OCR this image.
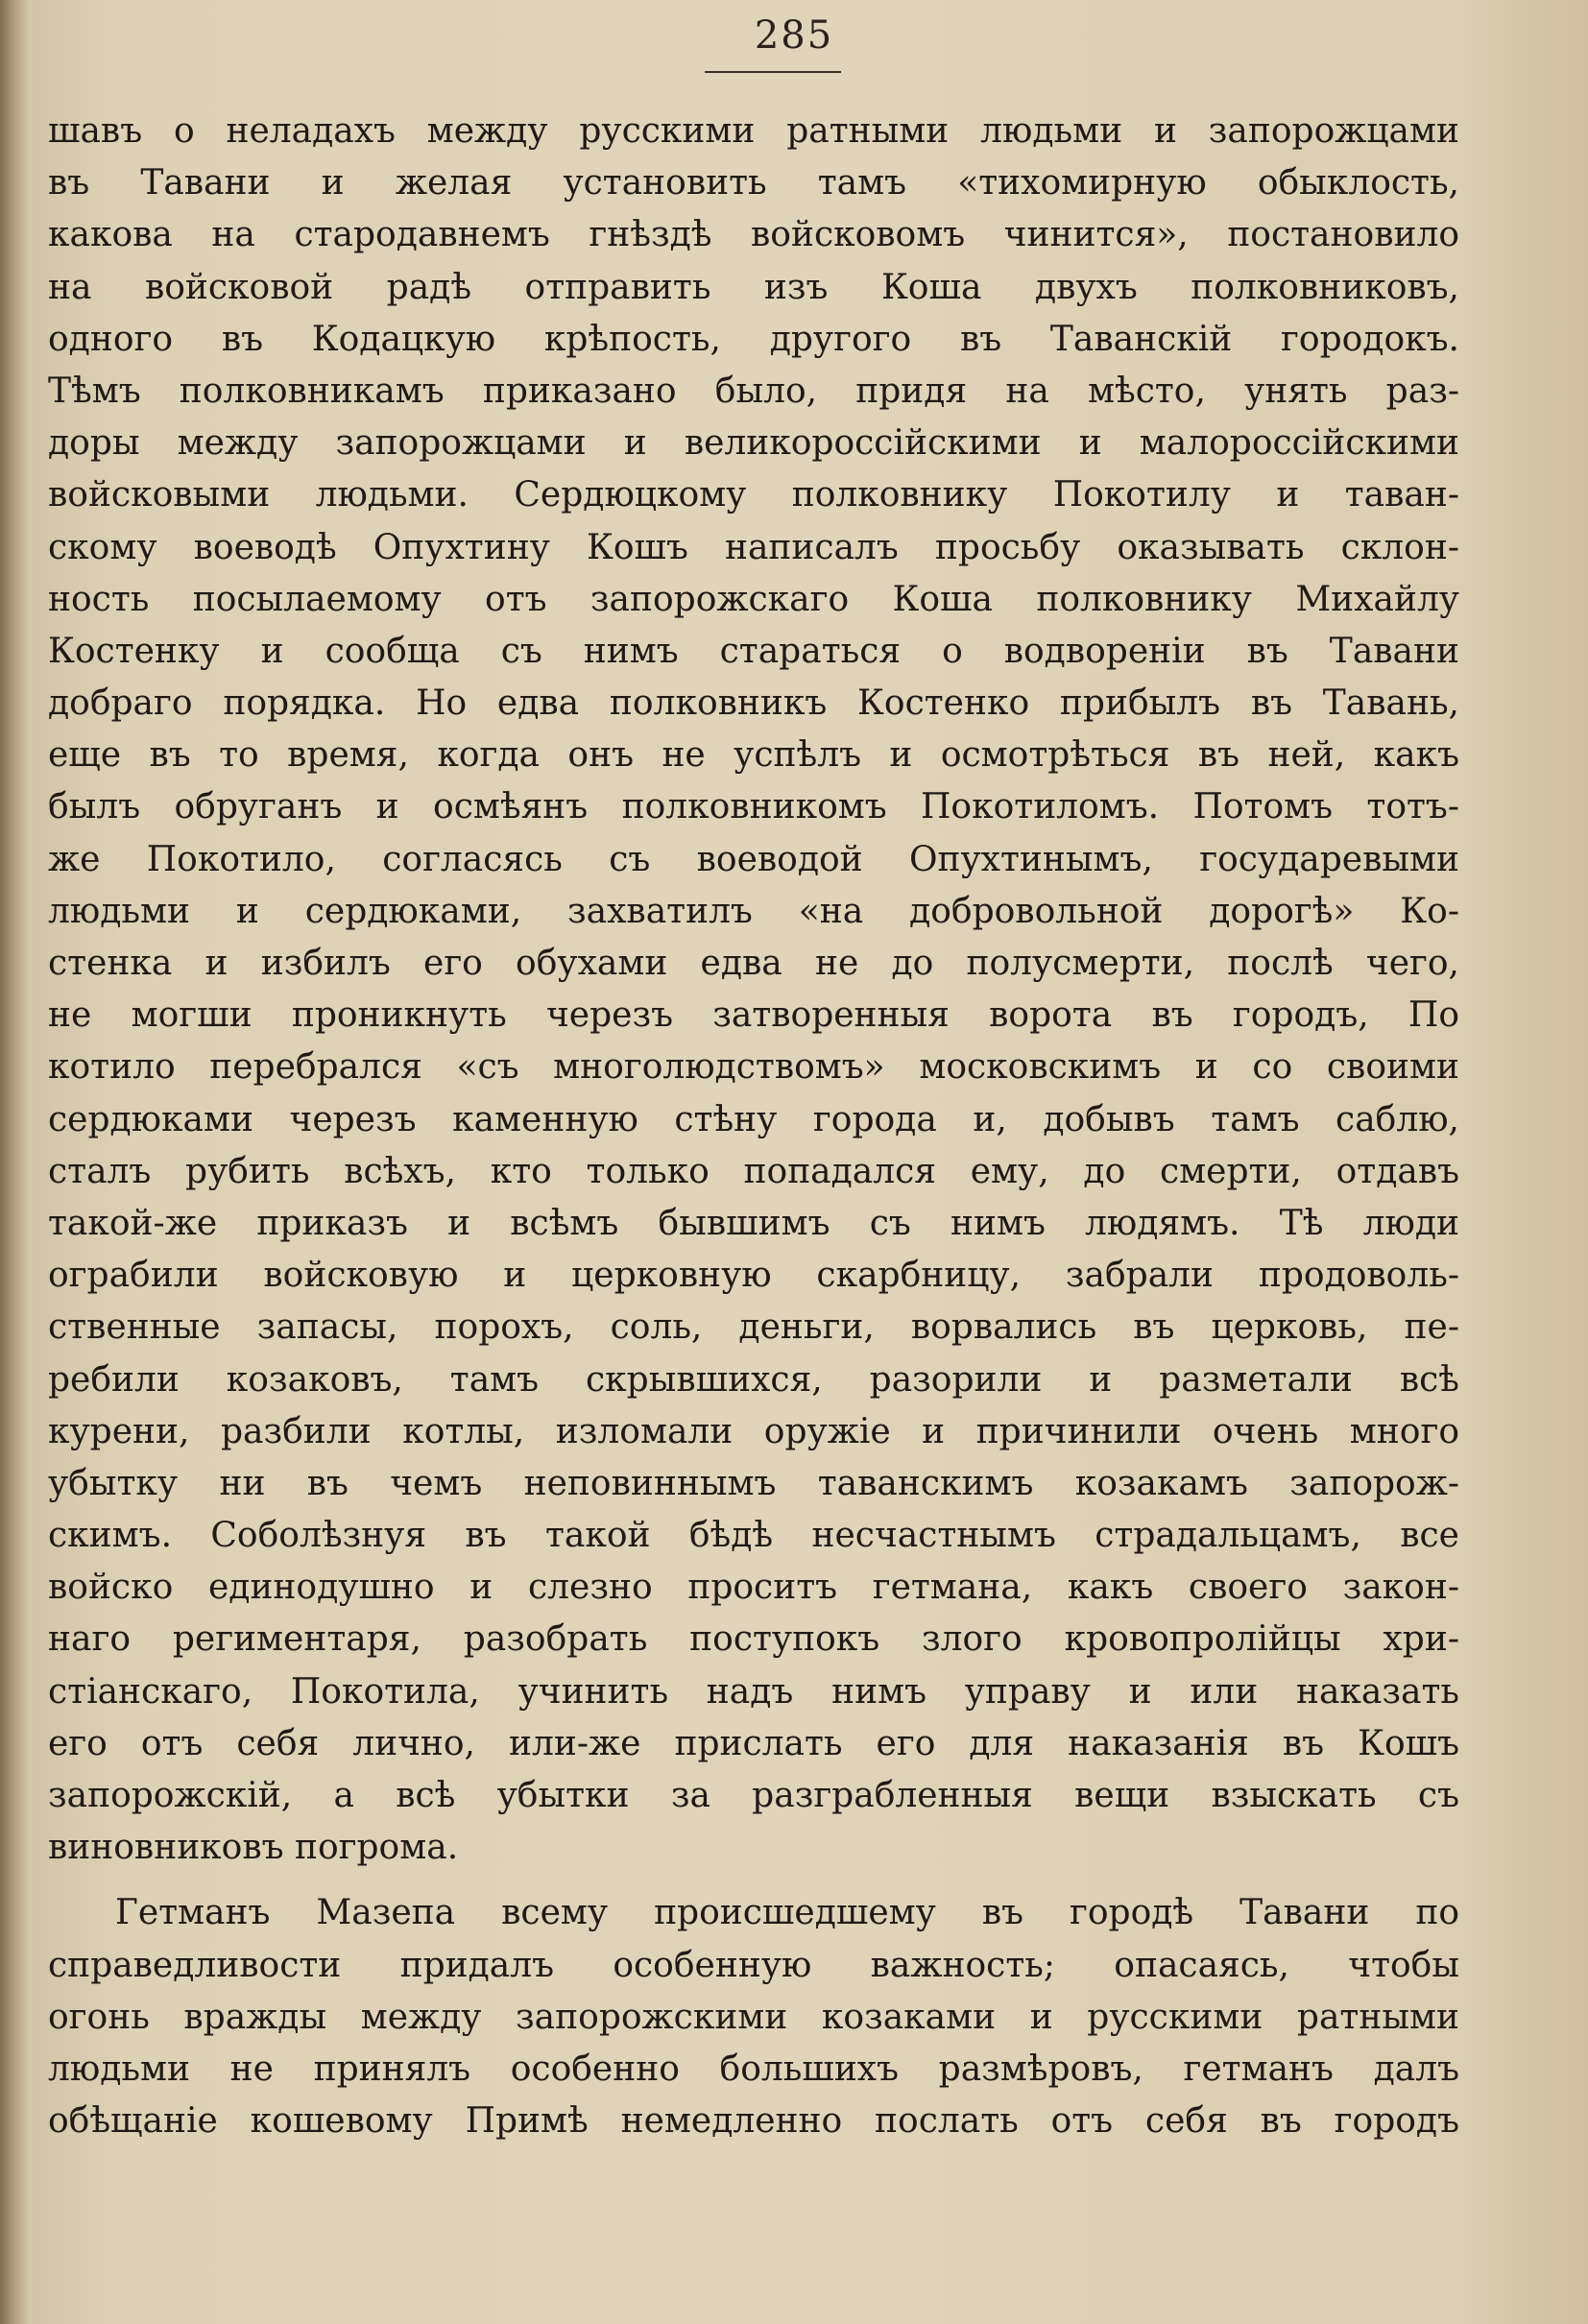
285
шавъ о неладахъ между русскими ратными людьми и запорожцами
въ Тавани и желая установить тамъ «тихомирную обыклость,
какова на стародавнемъ гнѣздѣ войсковомъ чинится», постановило
на войсковой радѣ отправить изъ Коша двухъ полковниковъ,
одного въ Кодацкую крѣпость, другого въ Таванскій городокъ.
Тѣмъ полковникамъ приказано было, придя на мѣсто, унять раз-
доры между запорожцами и великороссійскими и малороссійскими
войсковыми людьми. Сердюцкому полковнику Покотилу и таван-
скому воеводѣ Опухтину Кошъ написалъ просьбу оказывать склон-
ность посылаемому отъ запорожскаго Коша полковнику Михайлу
Костенку и сообща съ нимъ стараться о водвореніи въ Тавани
добраго порядка. Но едва полковникъ Костенко прибылъ въ Тавань,
еще въ то время, когда онъ не успѣлъ и осмотрѣться въ ней, какъ
былъ обруганъ и осмѣянъ полковникомъ Покотиломъ. Потомъ тотъ-
же Покотило, согласясь съ воеводой Опухтинымъ, государевыми
людьми и сердюками, захватилъ «на добровольной дорогѣ» Ко-
стенка и избилъ его обухами едва не до полусмерти, послѣ чего,
не могши проникнуть черезъ затворенныя ворота въ городъ, По
котило перебрался «съ многолюдствомъ» московскимъ и со своими
сердюками черезъ каменную стѣну города и, добывъ тамъ саблю,
сталъ рубить всѣхъ, кто только попадался ему, до смерти, отдавъ
такой-же приказъ и всѣмъ бывшимъ съ нимъ людямъ. Тѣ люди
ограбили войсковую и церковную скарбницу, забрали продоволь-
ственные запасы, порохъ, соль, деньги, ворвались въ церковь, пе-
ребили козаковъ, тамъ скрывшихся, разорили и разметали всѣ
курени, разбили котлы, изломали оружіе и причинили очень много
убытку ни въ чемъ неповиннымъ таванскимъ козакамъ запорож-
скимъ. Соболѣзнуя въ такой бѣдѣ несчастнымъ страдальцамъ, все
войско единодушно и слезно проситъ гетмана, какъ своего закон-
наго региментаря, разобрать поступокъ злого кровопролійцы хри-
стіанскаго, Покотила, учинить надъ нимъ управу и или наказать
его отъ себя лично, или-же прислать его для наказанія въ Кошъ
запорожскій, а всѣ убытки за разграбленныя вещи взыскать съ
виновниковъ погрома.
Гетманъ Мазепа всему происшедшему въ городѣ Тавани по
справедливости придалъ особенную важность; опасаясь, чтобы
огонь вражды между запорожскими козаками и русскими ратными
людьми не принялъ особенно большихъ размѣровъ, гетманъ далъ
обѣщаніе кошевому Примѣ немедленно послать отъ себя въ городъ
